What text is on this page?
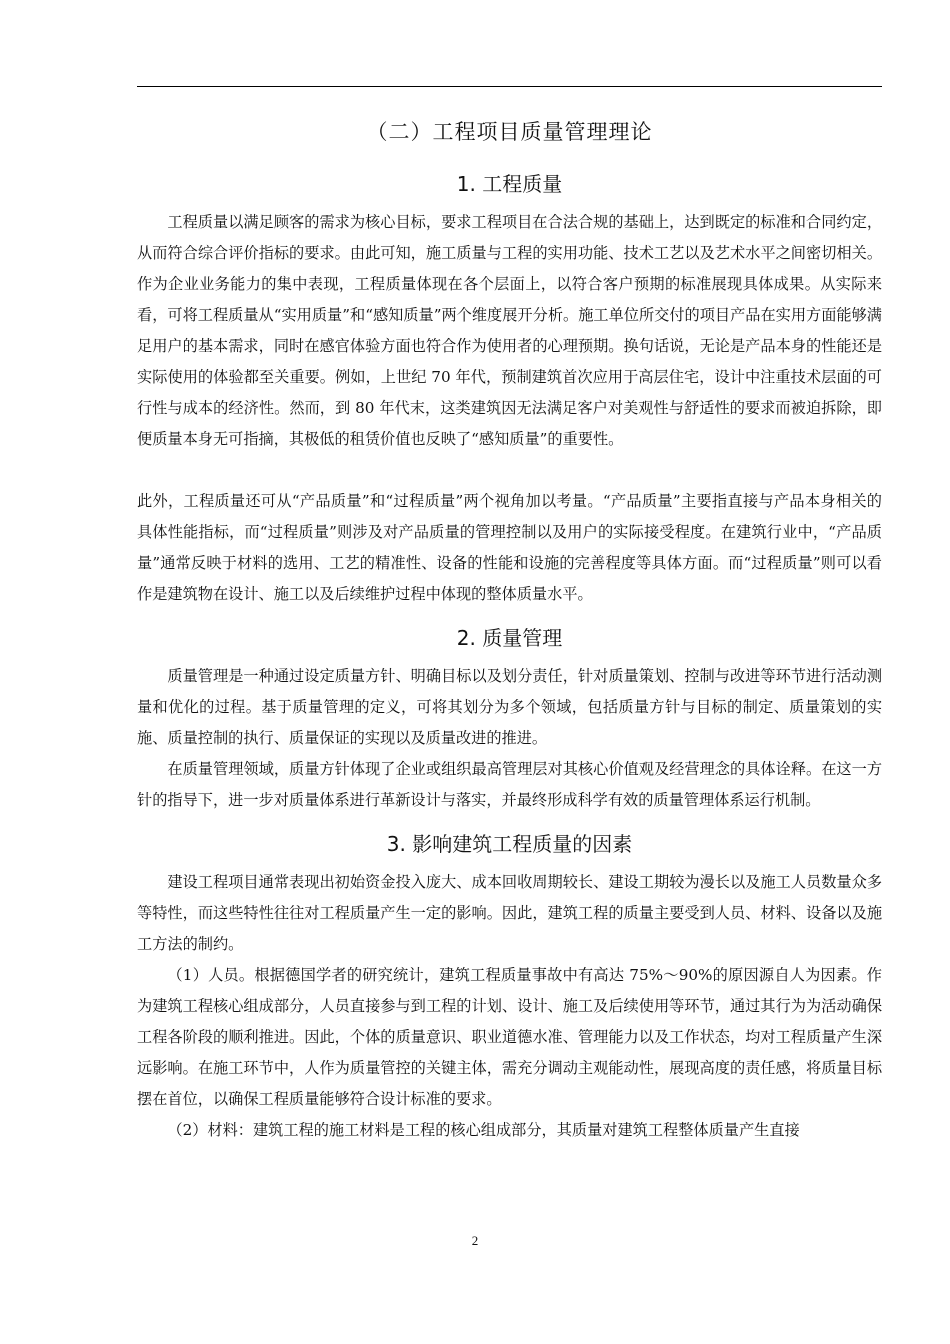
（二）工程项目质量管理理论
1. 工程质量

工程质量以满足顾客的需求为核心目标，要求工程项目在合法合规的基础上，达到既定的标准和合同约定，从而符合综合评价指标的要求。由此可知，施工质量与工程的实用功能、技术工艺以及艺术水平之间密切相关。作为企业业务能力的集中表现，工程质量体现在各个层面上，以符合客户预期的标准展现具体成果。从实际来看，可将工程质量从“实用质量”和“感知质量”两个维度展开分析。施工单位所交付的项目产品在实用方面能够满足用户的基本需求，同时在感官体验方面也符合作为使用者的心理预期。换句话说，无论是产品本身的性能还是实际使用的体验都至关重要。例如，上世纪 70 年代，预制建筑首次应用于高层住宅，设计中注重技术层面的可行性与成本的经济性。然而，到 80 年代末，这类建筑因无法满足客户对美观性与舒适性的要求而被迫拆除，即便质量本身无可指摘，其极低的租赁价值也反映了“感知质量”的重要性。

此外，工程质量还可从“产品质量”和“过程质量”两个视角加以考量。“产品质量”主要指直接与产品本身相关的具体性能指标，而“过程质量”则涉及对产品质量的管理控制以及用户的实际接受程度。在建筑行业中，“产品质量”通常反映于材料的选用、工艺的精准性、设备的性能和设施的完善程度等具体方面。而“过程质量”则可以看作是建筑物在设计、施工以及后续维护过程中体现的整体质量水平。

2. 质量管理

质量管理是一种通过设定质量方针、明确目标以及划分责任，针对质量策划、控制与改进等环节进行活动测量和优化的过程。基于质量管理的定义，可将其划分为多个领域，包括质量方针与目标的制定、质量策划的实施、质量控制的执行、质量保证的实现以及质量改进的推进。

在质量管理领域，质量方针体现了企业或组织最高管理层对其核心价值观及经营理念的具体诠释。在这一方针的指导下，进一步对质量体系进行革新设计与落实，并最终形成科学有效的质量管理体系运行机制。

3. 影响建筑工程质量的因素

建设工程项目通常表现出初始资金投入庞大、成本回收周期较长、建设工期较为漫长以及施工人员数量众多等特性，而这些特性往往对工程质量产生一定的影响。因此，建筑工程的质量主要受到人员、材料、设备以及施工方法的制约。

（1）人员。根据德国学者的研究统计，建筑工程质量事故中有高达 75%～90%的原因源自人为因素。作为建筑工程核心组成部分，人员直接参与到工程的计划、设计、施工及后续使用等环节，通过其行为为活动确保工程各阶段的顺利推进。因此，个体的质量意识、职业道德水准、管理能力以及工作状态，均对工程质量产生深远影响。在施工环节中，人作为质量管控的关键主体，需充分调动主观能动性，展现高度的责任感，将质量目标摆在首位，以确保工程质量能够符合设计标准的要求。

（2）材料：建筑工程的施工材料是工程的核心组成部分，其质量对建筑工程整体质量产生直接

2
